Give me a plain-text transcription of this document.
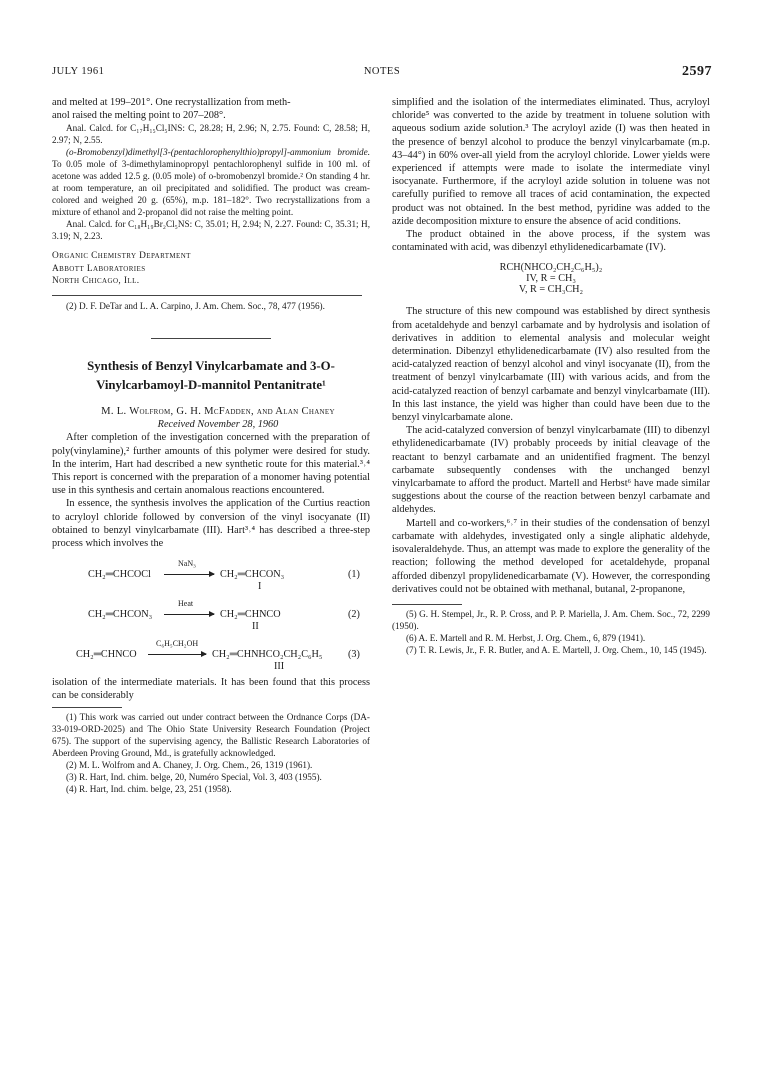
JULY 1961	NOTES	2597

and melted at 199–201°. One recrystallization from meth-

anol raised the melting point to 207–208°.

Anal. Calcd. for C₁₇H₁₅Cl₅INS: C, 28.28; H, 2.96; N, 2.75. Found: C, 28.58; H, 2.97; N, 2.55.

(o-Bromobenzyl)dimethyl[3-(pentachlorophenylthio)propyl]-ammonium bromide. To 0.05 mole of 3-dimethylaminopropyl pentachlorophenyl sulfide in 100 ml. of acetone was added 12.5 g. (0.05 mole) of o-bromobenzyl bromide.² On standing 4 hr. at room temperature, an oil precipitated and solidified. The product was cream-colored and weighed 20 g. (65%), m.p. 181–182°. Two recrystallizations from a mixture of ethanol and 2-propanol did not raise the melting point.

Anal. Calcd. for C₁₈H₁₉Br₂Cl₅NS: C, 35.01; H, 2.94; N, 2.27. Found: C, 35.31; H, 3.19; N, 2.23.

Organic Chemistry Department
Abbott Laboratories
North Chicago, Ill.

(2) D. F. DeTar and L. A. Carpino, J. Am. Chem. Soc., 78, 477 (1956).

Synthesis of Benzyl Vinylcarbamate and 3-O-
Vinylcarbamoyl-D-mannitol Pentanitrate¹

M. L. Wolfrom, G. H. McFadden, and Alan Chaney

Received November 28, 1960

After completion of the investigation concerned with the preparation of poly(vinylamine),² further amounts of this polymer were desired for study. In the interim, Hart had described a new synthetic route for this material.³˒⁴ This report is concerned with the preparation of a monomer having potential use in this synthesis and certain anomalous reactions encountered.

In essence, the synthesis involves the application of the Curtius reaction to acryloyl chloride followed by conversion of the vinyl isocyanate (II) obtained to benzyl vinylcarbamate (III). Hart³˒⁴ has described a three-step process which involves the

CH₂═CHCOCl
NaN₃
CH₂═CHCON₃
I
(1)
CH₂═CHCON₃
Heat
CH₂═CHNCO
II
(2)
CH₂═CHNCO
C₆H₅CH₂OH
CH₂═CHNHCO₂CH₂C₆H₅
III
(3)

isolation of the intermediate materials. It has been found that this process can be considerably

(1) This work was carried out under contract between the Ordnance Corps (DA-33-019-ORD-2025) and The Ohio State University Research Foundation (Project 675). The support of the supervising agency, the Ballistic Research Laboratories of Aberdeen Proving Ground, Md., is gratefully acknowledged.

(2) M. L. Wolfrom and A. Chaney, J. Org. Chem., 26, 1319 (1961).

(3) R. Hart, Ind. chim. belge, 20, Numéro Special, Vol. 3, 403 (1955).

(4) R. Hart, Ind. chim. belge, 23, 251 (1958).

simplified and the isolation of the intermediates eliminated. Thus, acryloyl chloride⁵ was converted to the azide by treatment in toluene solution with aqueous sodium azide solution.³ The acryloyl azide (I) was then heated in the presence of benzyl alcohol to produce the benzyl vinylcarbamate (m.p. 43–44°) in 60% over-all yield from the acryloyl chloride. Lower yields were experienced if attempts were made to isolate the intermediate vinyl isocyanate. Furthermore, if the acryloyl azide solution in toluene was not carefully purified to remove all traces of acid contamination, the expected product was not obtained. In the best method, pyridine was added to the azide decomposition mixture to ensure the absence of acid conditions.

The product obtained in the above process, if the system was contaminated with acid, was dibenzyl ethylidenedicarbamate (IV).

RCH(NHCO₂CH₂C₆H₅)₂
IV, R = CH₃
V, R = CH₃CH₂

The structure of this new compound was established by direct synthesis from acetaldehyde and benzyl carbamate and by hydrolysis and isolation of derivatives in addition to elemental analysis and molecular weight determination. Dibenzyl ethylidenedicarbamate (IV) also resulted from the acid-catalyzed reaction of benzyl alcohol and vinyl isocyanate (II), from the treatment of benzyl vinylcarbamate (III) with various acids, and from the acid-catalyzed reaction of benzyl carbamate and benzyl vinylcarbamate (III). In this last instance, the yield was higher than could have been due to the benzyl vinylcarbamate alone.

The acid-catalyzed conversion of benzyl vinylcarbamate (III) to dibenzyl ethylidenedicarbamate (IV) probably proceeds by initial cleavage of the reactant to benzyl carbamate and an unidentified fragment. The benzyl carbamate subsequently condenses with the unchanged benzyl vinylcarbamate to afford the product. Martell and Herbst⁶ have made similar suggestions about the course of the reaction between benzyl carbamate and aldehydes.

Martell and co-workers,⁶˒⁷ in their studies of the condensation of benzyl carbamate with aldehydes, investigated only a single aliphatic aldehyde, isovaleraldehyde. Thus, an attempt was made to explore the generality of the reaction; following the method developed for acetaldehyde, propanal afforded dibenzyl propylidenedicarbamate (V). However, the corresponding derivatives could not be obtained with methanal, butanal, 2-propanone,

(5) G. H. Stempel, Jr., R. P. Cross, and P. P. Mariella, J. Am. Chem. Soc., 72, 2299 (1950).

(6) A. E. Martell and R. M. Herbst, J. Org. Chem., 6, 879 (1941).

(7) T. R. Lewis, Jr., F. R. Butler, and A. E. Martell, J. Org. Chem., 10, 145 (1945).
